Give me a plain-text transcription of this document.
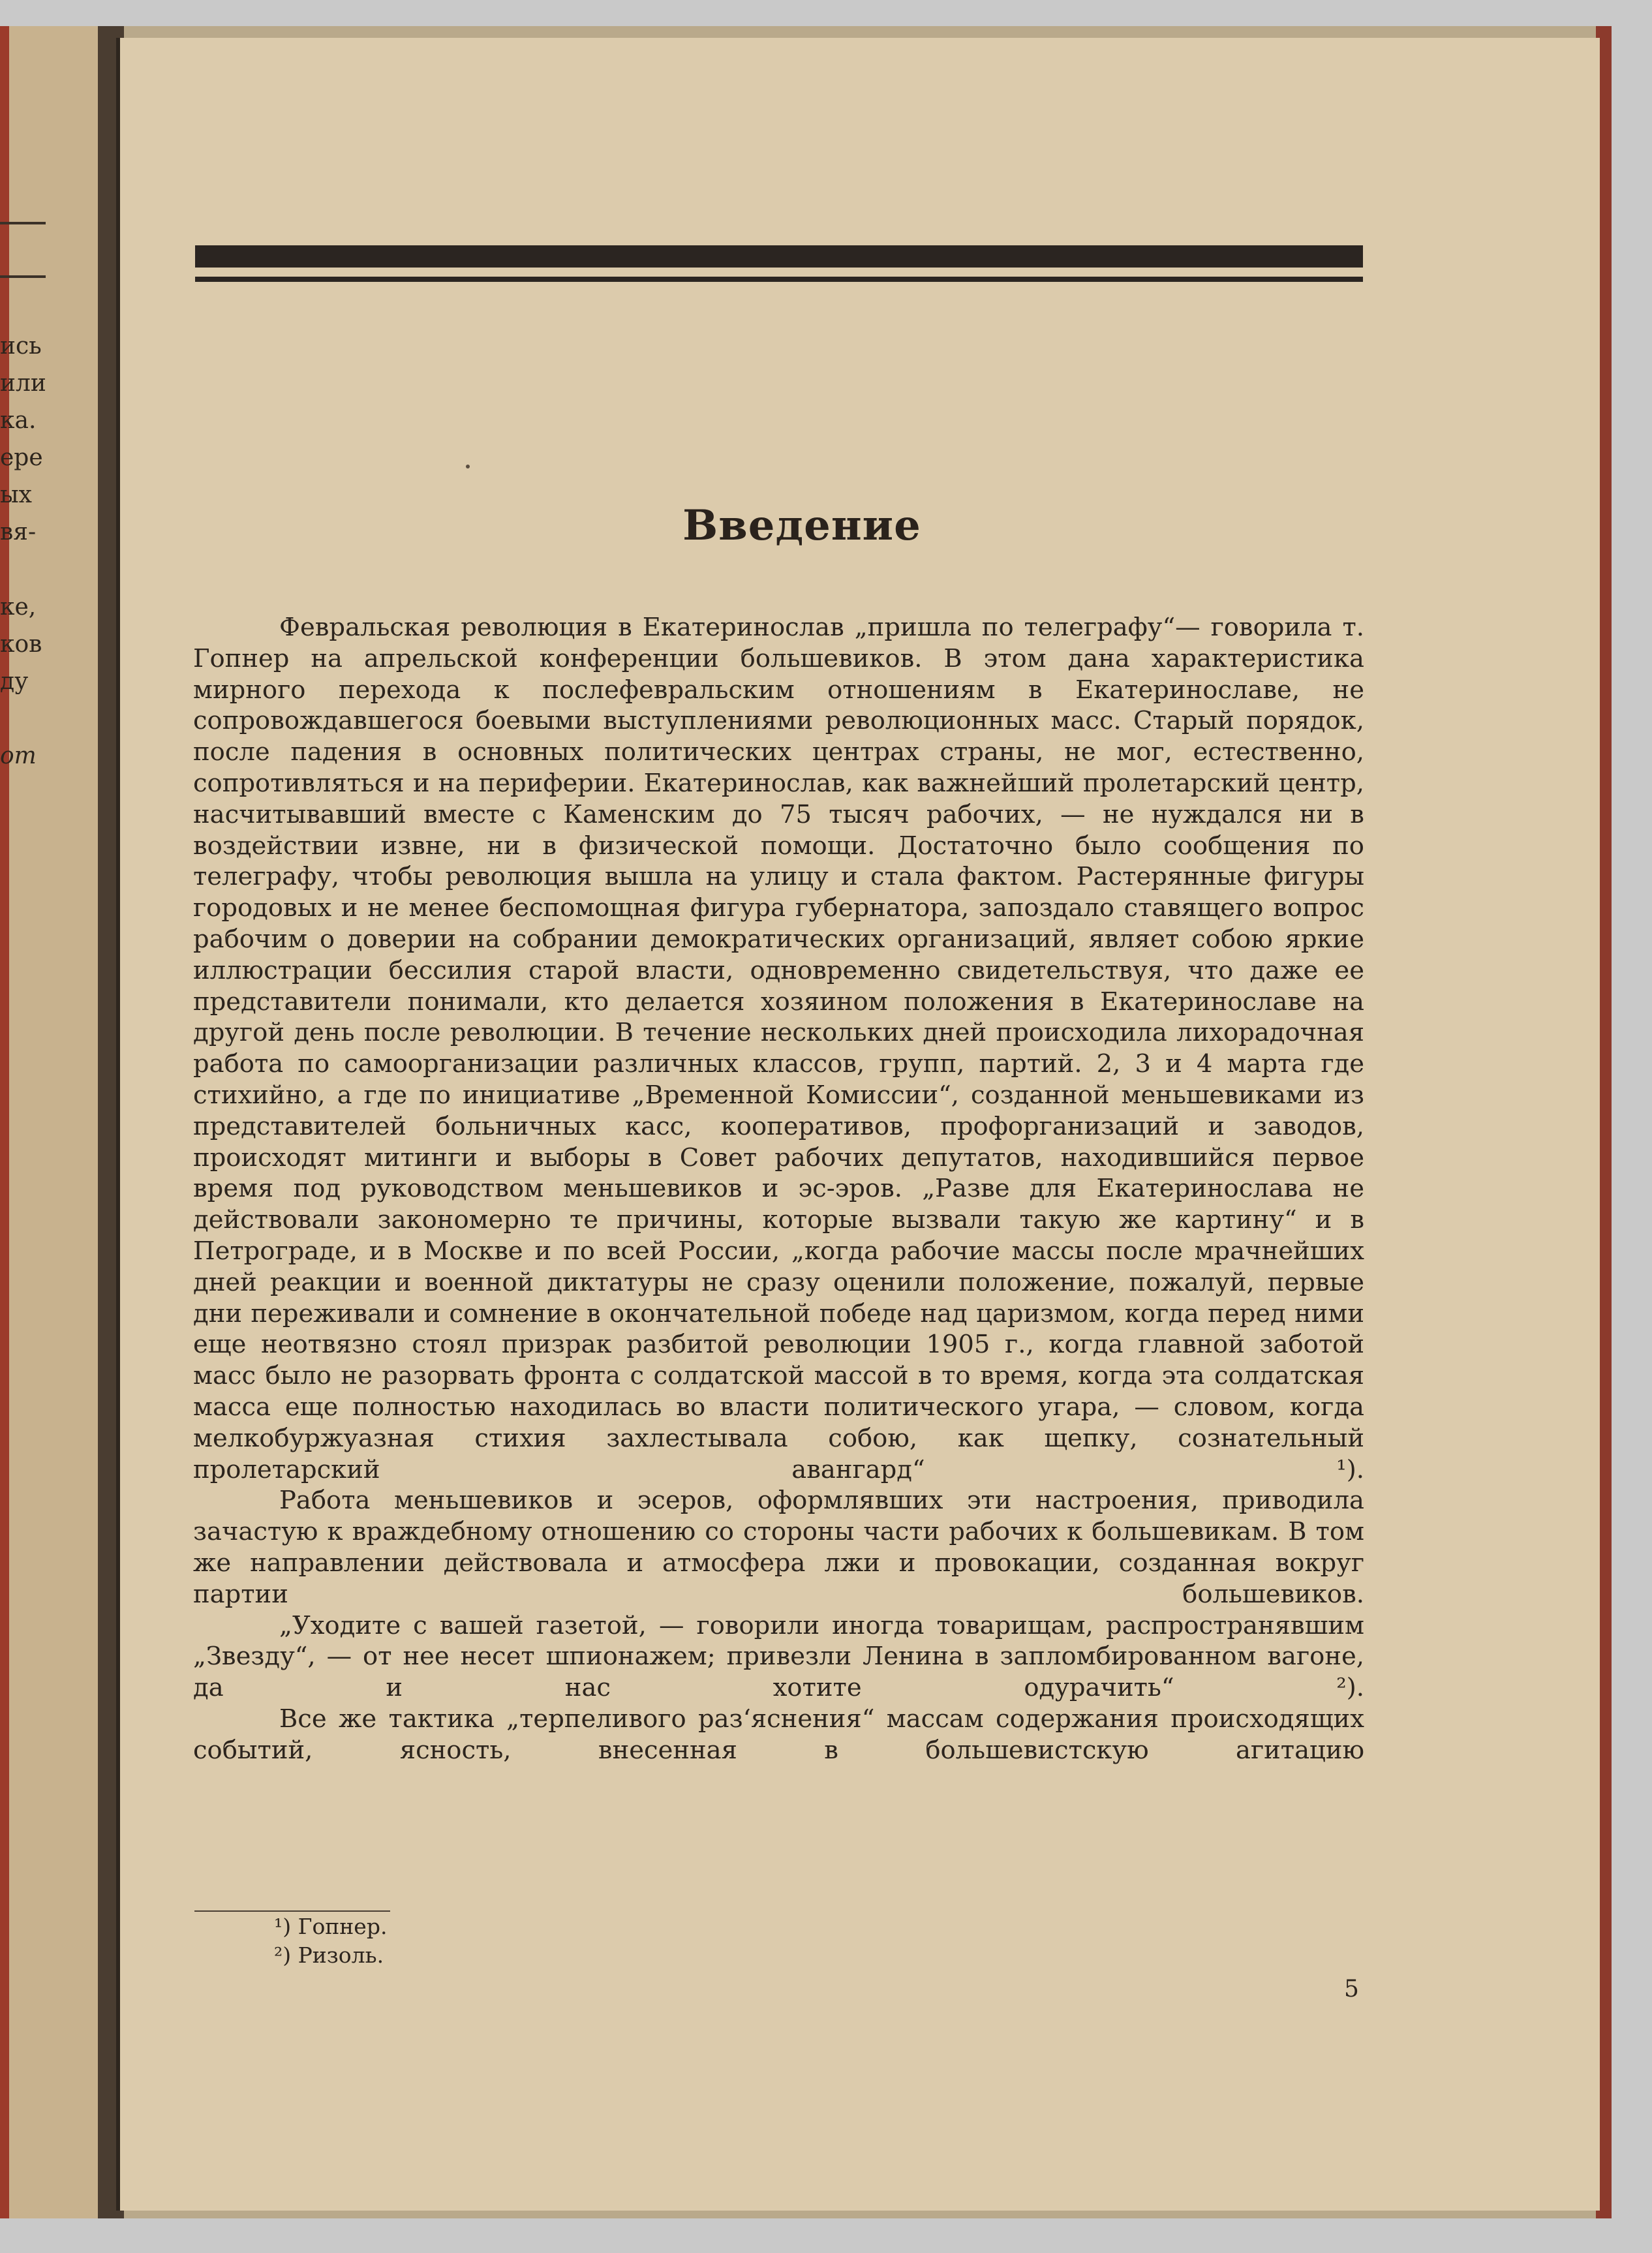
ись
или
ка.
ере
ых
вя-
ке,
ков
ду
от
Введение

Февральская революция в Екатеринослав „пришла по телеграфу“— говорила т. Гопнер на апрельской конференции большевиков. В этом дана характеристика мирного перехода к послефевральским отношениям в Екатеринославе, не сопровождавшегося боевыми выступлениями революционных масс. Старый порядок, после падения в основных политических центрах страны, не мог, естественно, сопротивляться и на периферии. Екатеринослав, как важнейший пролетарский центр, насчитывавший вместе с Каменским до 75 тысяч рабочих, — не нуждался ни в воздействии извне, ни в физической помощи. Достаточно было сообщения по телеграфу, чтобы революция вышла на улицу и стала фактом. Растерянные фигуры городовых и не менее беспомощная фигура губернатора, запоздало ставящего вопрос рабочим о доверии на собрании демократических организаций, являет собою яркие иллюстрации бессилия старой власти, одновременно свидетельствуя, что даже ее представители понимали, кто делается хозяином положения в Екатеринославе на другой день после революции. В течение нескольких дней происходила лихорадочная работа по самоорганизации различных классов, групп, партий. 2, 3 и 4 марта где стихийно, а где по инициативе „Временной Комиссии“, созданной меньшевиками из представителей больничных касс, кооперативов, профорганизаций и заводов, происходят митинги и выборы в Совет рабочих депутатов, находившийся первое время под руководством меньшевиков и эс-эров. „Разве для Екатеринослава не действовали закономерно те причины, которые вызвали такую же картину“ и в Петрограде, и в Москве и по всей России, „когда рабочие массы после мрачнейших дней реакции и военной диктатуры не сразу оценили положение, пожалуй, первые дни переживали и сомнение в окончательной победе над царизмом, когда перед ними еще неотвязно стоял призрак разбитой революции 1905 г., когда главной заботой масс было не разорвать фронта с солдатской массой в то время, когда эта солдатская масса еще полностью находилась во власти политического угара, — словом, когда мелкобуржуазная стихия захлестывала собою, как щепку, сознательный пролетарский авангард“ ¹).

Работа меньшевиков и эсеров, оформлявших эти настроения, приводила зачастую к враждебному отношению со стороны части рабочих к большевикам. В том же направлении действовала и атмосфера лжи и провокации, созданная вокруг партии большевиков.

„Уходите с вашей газетой, — говорили иногда товарищам, распространявшим „Звезду“, — от нее несет шпионажем; привезли Ленина в запломбированном вагоне, да и нас хотите одурачить“ ²).

Все же тактика „терпеливого раз‘яснения“ массам содержания происходящих событий, ясность, внесенная в большевистскую агитацию

¹) Гопнер.
²) Ризоль.
5
